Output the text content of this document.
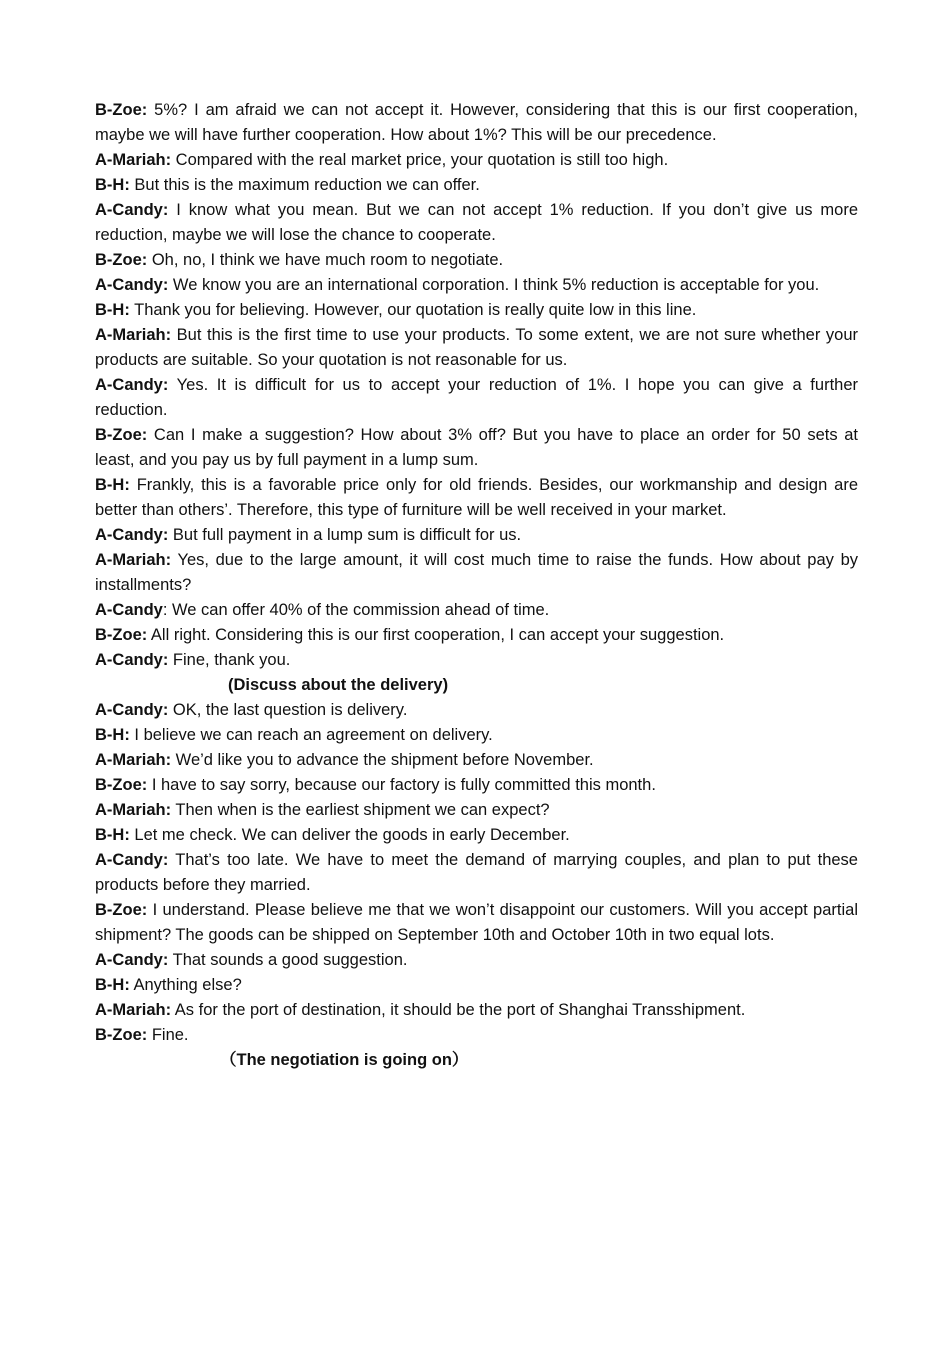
B-Zoe: 5%? I am afraid we can not accept it. However, considering that this is our first cooperation, maybe we will have further cooperation. How about 1%? This will be our precedence.

A-Mariah: Compared with the real market price, your quotation is still too high.

B-H: But this is the maximum reduction we can offer.

A-Candy: I know what you mean. But we can not accept 1% reduction. If you don’t give us more reduction, maybe we will lose the chance to cooperate.

B-Zoe: Oh, no, I think we have much room to negotiate.

A-Candy: We know you are an international corporation. I think 5% reduction is acceptable for you.

B-H: Thank you for believing. However, our quotation is really quite low in this line.

A-Mariah: But this is the first time to use your products. To some extent, we are not sure whether your products are suitable. So your quotation is not reasonable for us.

A-Candy: Yes. It is difficult for us to accept your reduction of 1%. I hope you can give a further reduction.

B-Zoe: Can I make a suggestion? How about 3% off? But you have to place an order for 50 sets at least, and you pay us by full payment in a lump sum.

B-H: Frankly, this is a favorable price only for old friends. Besides, our workmanship and design are better than others’. Therefore, this type of furniture will be well received in your market.

A-Candy: But full payment in a lump sum is difficult for us.

A-Mariah: Yes, due to the large amount, it will cost much time to raise the funds. How about pay by installments?

A-Candy: We can offer 40% of the commission ahead of time.

B-Zoe: All right. Considering this is our first cooperation, I can accept your suggestion.

A-Candy: Fine, thank you.

(Discuss about the delivery)

A-Candy: OK, the last question is delivery.

B-H: I believe we can reach an agreement on delivery.

A-Mariah: We’d like you to advance the shipment before November.

B-Zoe: I have to say sorry, because our factory is fully committed this month.

A-Mariah: Then when is the earliest shipment we can expect?

B-H: Let me check. We can deliver the goods in early December.

A-Candy: That’s too late. We have to meet the demand of marrying couples, and plan to put these products before they married.

B-Zoe: I understand. Please believe me that we won’t disappoint our customers. Will you accept partial shipment? The goods can be shipped on September 10th and October 10th in two equal lots.

A-Candy: That sounds a good suggestion.

B-H: Anything else?

A-Mariah: As for the port of destination, it should be the port of Shanghai Transshipment.

B-Zoe: Fine.

（The negotiation is going on）
